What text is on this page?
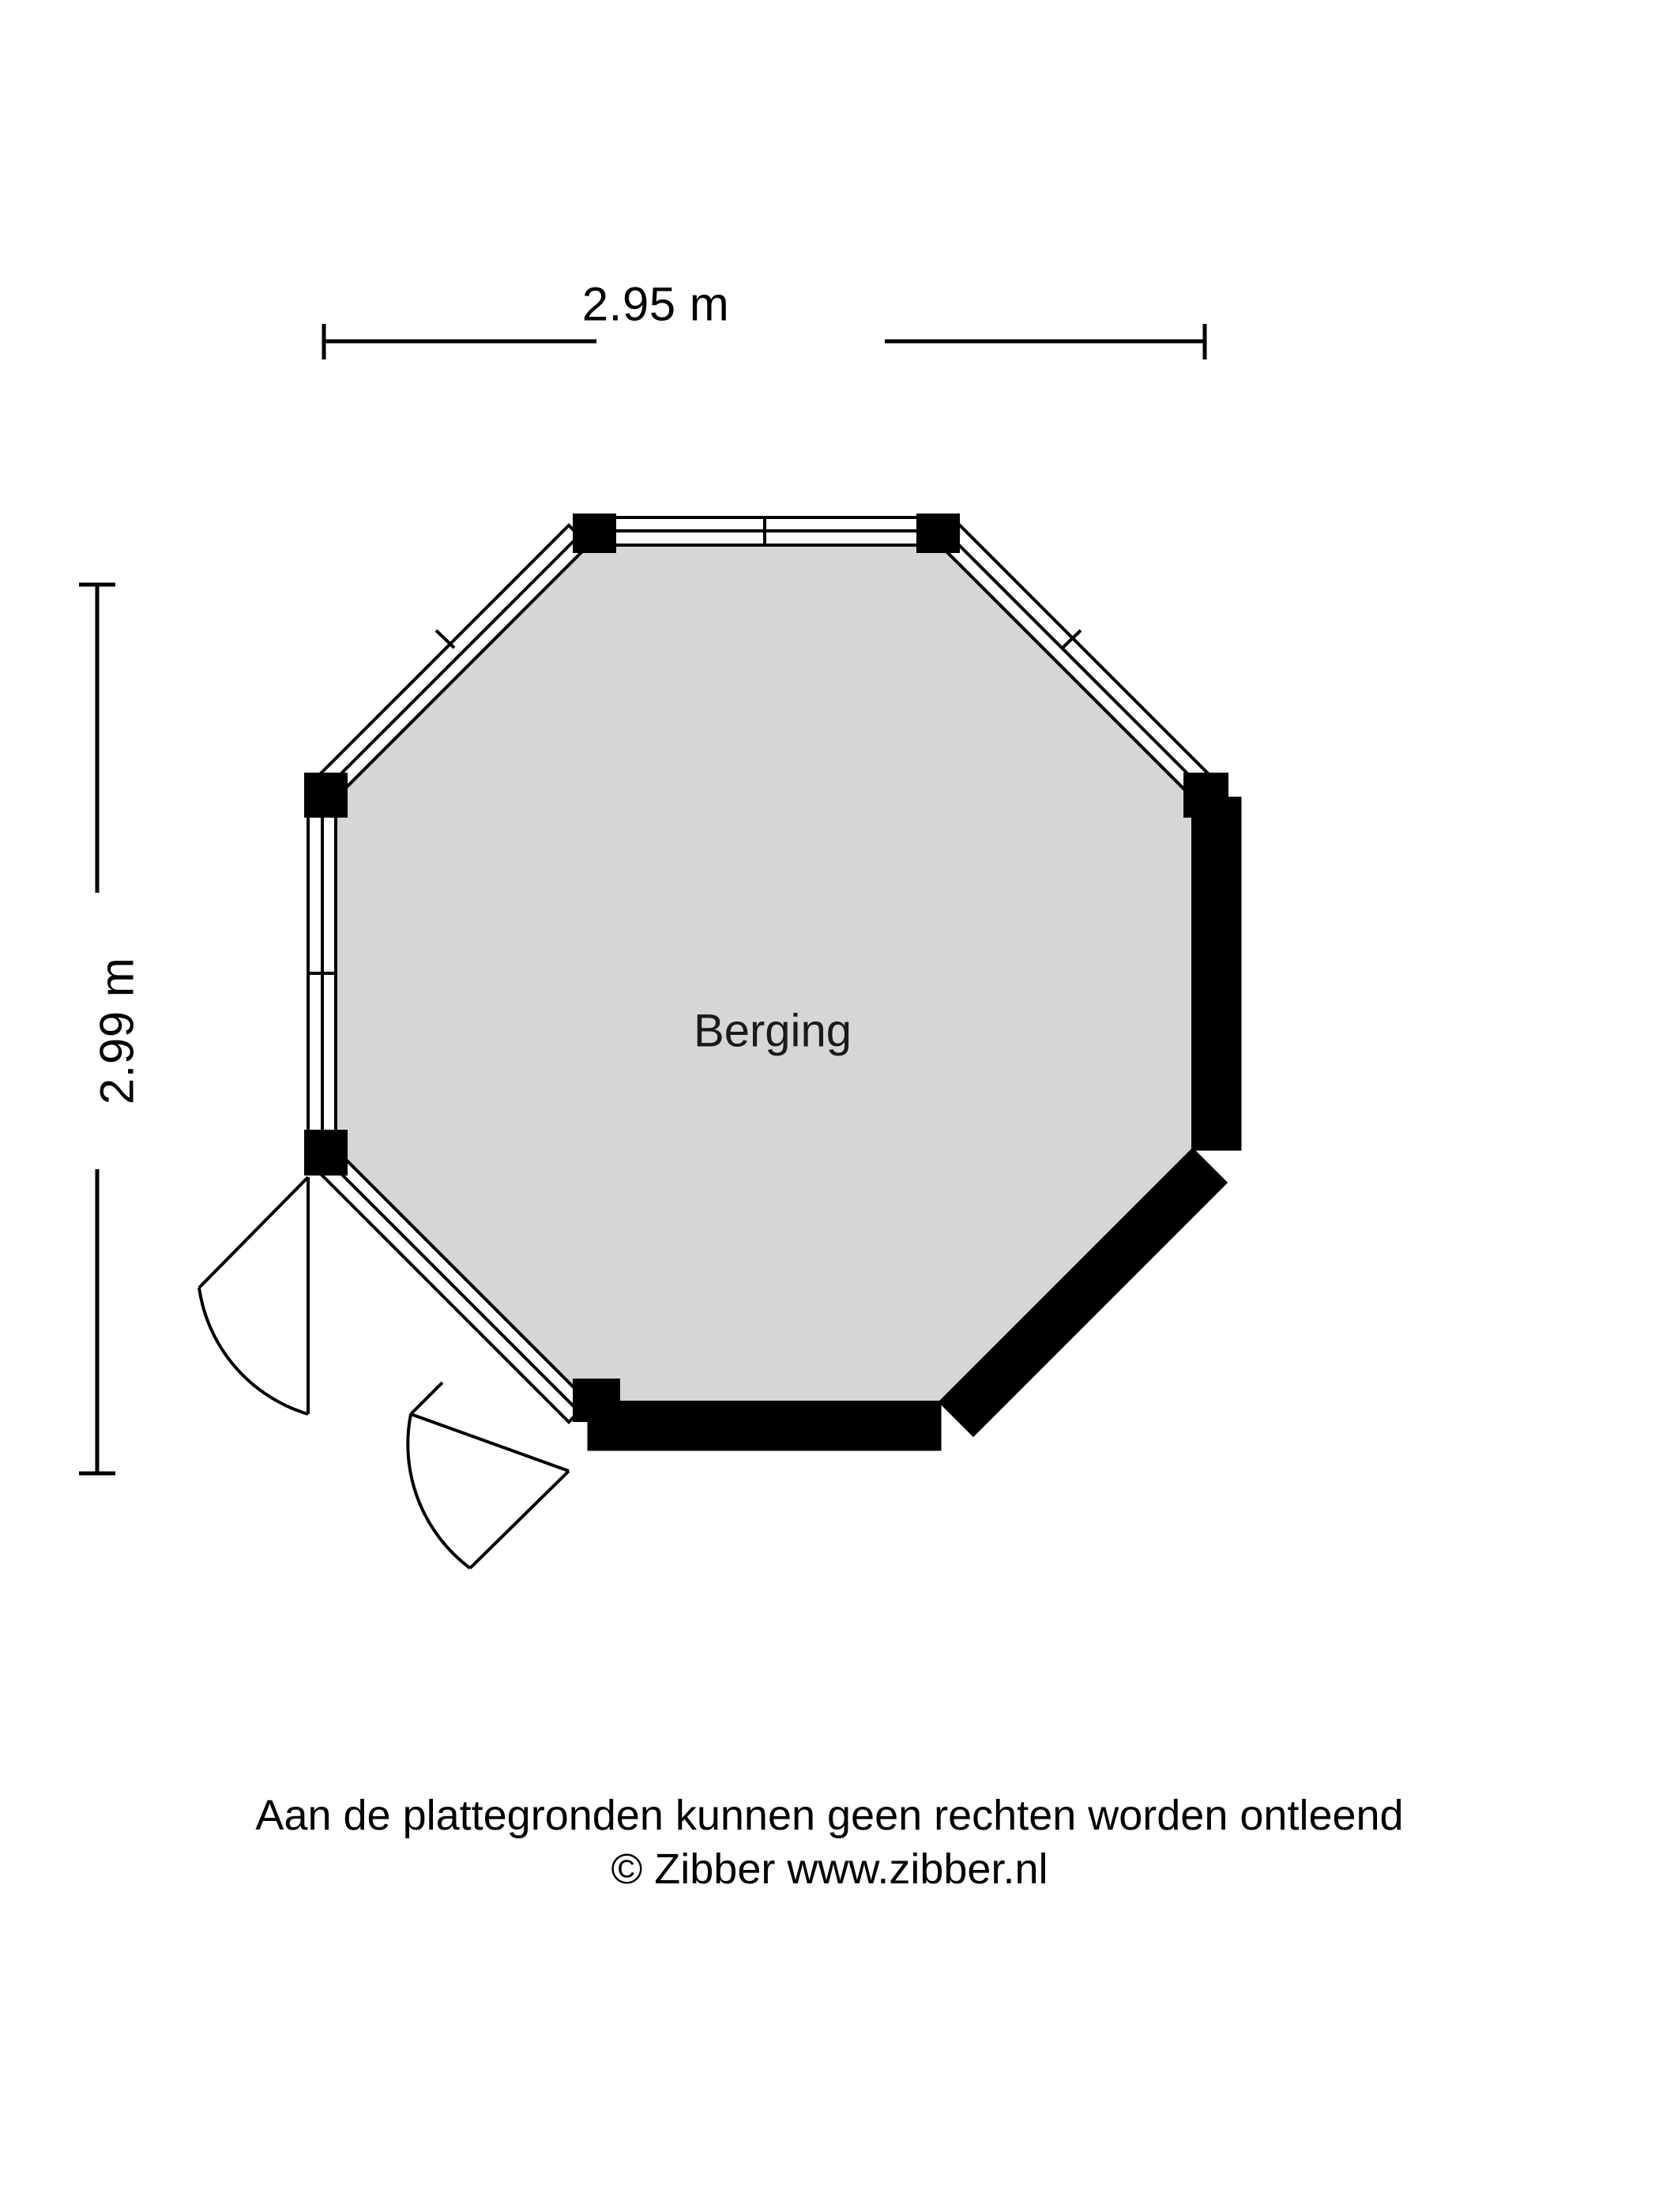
2.95 m
2.99 m	Berging
Aan de plattegronden kunnen geen rechten worden ontleend
© Zibber www.zibber.nl
